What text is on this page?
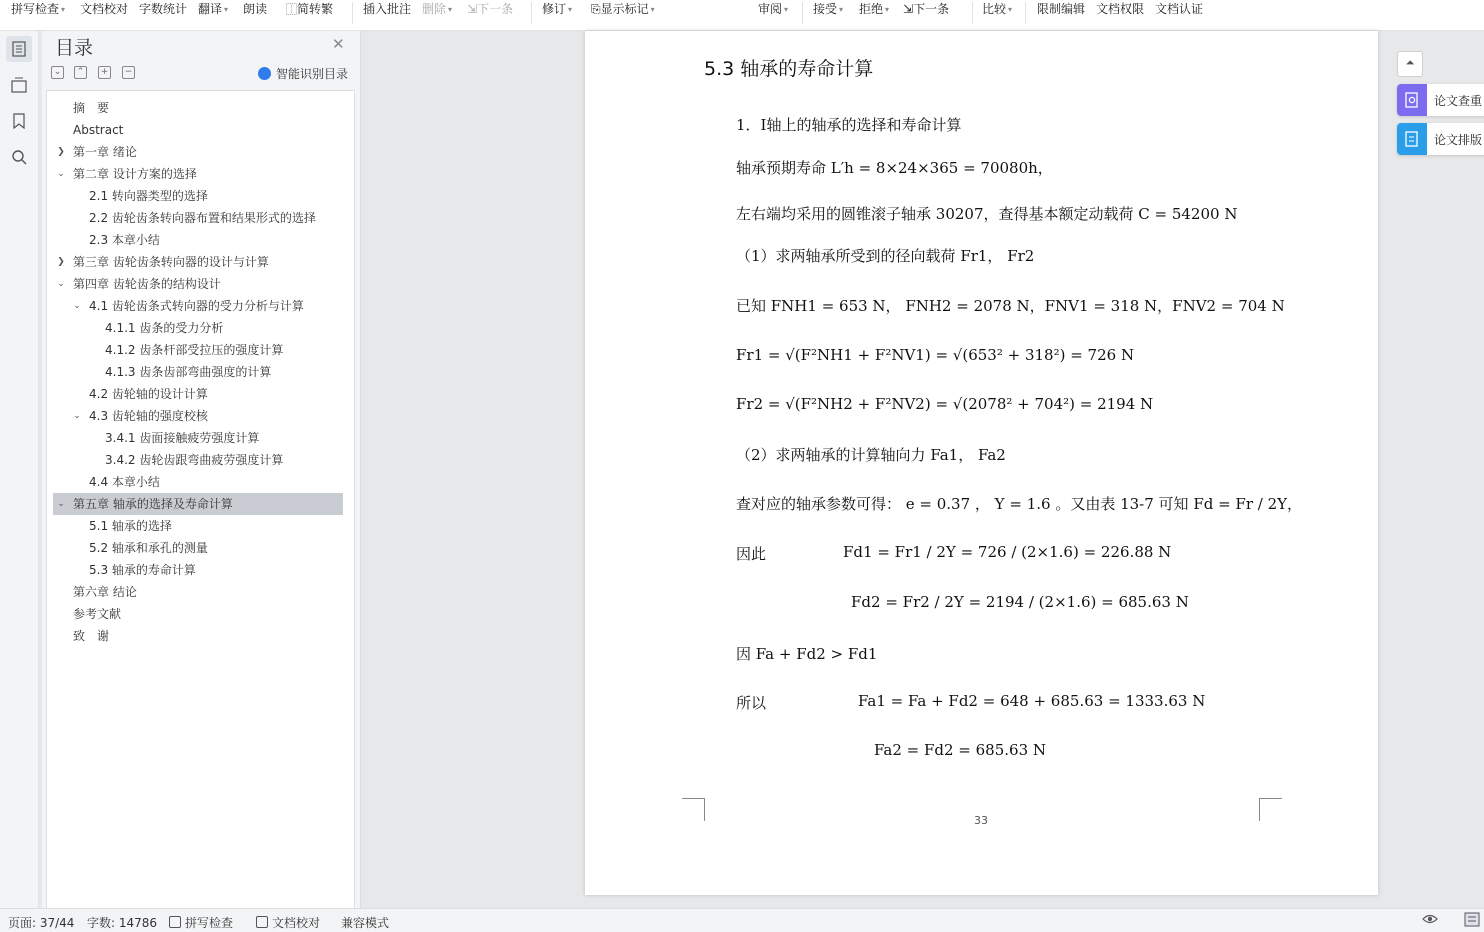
拼写检查 ▾ 文档校对 字数统计 翻译 ▾ 朗读 ⿰简转繁 插入批注 删除 ▾ ⇲下一条 修订 ▾ ⎘显示标记 ▾	审阅 ▾ 接受 ▾ 拒绝 ▾ ⇲下一条	比较 ▾ 限制编辑 文档权限 文档认证
目录	✕
⌄	⌃	+	−	智能识别目录
摘　要
Abstract
❯ 第一章 绪论
⌄ 第二章 设计方案的选择
2.1 转向器类型的选择
2.2 齿轮齿条转向器布置和结果形式的选择
2.3 本章小结
❯ 第三章 齿轮齿条转向器的设计与计算
⌄ 第四章 齿轮齿条的结构设计
⌄ 4.1 齿轮齿条式转向器的受力分析与计算
4.1.1 齿条的受力分析
4.1.2 齿条杆部受拉压的强度计算
4.1.3 齿条齿部弯曲强度的计算
4.2 齿轮轴的设计计算
⌄ 4.3 齿轮轴的强度校核
3.4.1 齿面接触疲劳强度计算
3.4.2 齿轮齿跟弯曲疲劳强度计算
4.4 本章小结
⌄ 第五章 轴承的选择及寿命计算
5.1 轴承的选择
5.2 轴承和承孔的测量
5.3 轴承的寿命计算
第六章 结论
参考文献
致　谢
5.3 轴承的寿命计算
1．Ⅰ轴上的轴承的选择和寿命计算
轴承预期寿命 L′h = 8×24×365 = 70080h，
左右端均采用的圆锥滚子轴承 30207，查得基本额定动载荷 C = 54200 N
（1）求两轴承所受到的径向载荷 Fr1， Fr2
已知 FNH1 = 653 N， FNH2 = 2078 N，FNV1 = 318 N，FNV2 = 704 N
Fr1 = √(F²NH1 + F²NV1) = √(653² + 318²) = 726 N
Fr2 = √(F²NH2 + F²NV2) = √(2078² + 704²) = 2194 N
（2）求两轴承的计算轴向力 Fa1， Fa2
查对应的轴承参数可得： e = 0.37 ， Y = 1.6 。又由表 13-7 可知 Fd = Fr / 2Y，
因此	Fd1 = Fr1 / 2Y = 726 / (2×1.6) = 226.88 N
Fd2 = Fr2 / 2Y = 2194 / (2×1.6) = 685.63 N
因 Fa + Fd2 > Fd1
所以	Fa1 = Fa + Fd2 = 648 + 685.63 = 1333.63 N
Fa2 = Fd2 = 685.63 N
33
⏶
论文查重
论文排版
页面: 37/44 字数: 14786	拼写检查	文档校对 兼容模式
